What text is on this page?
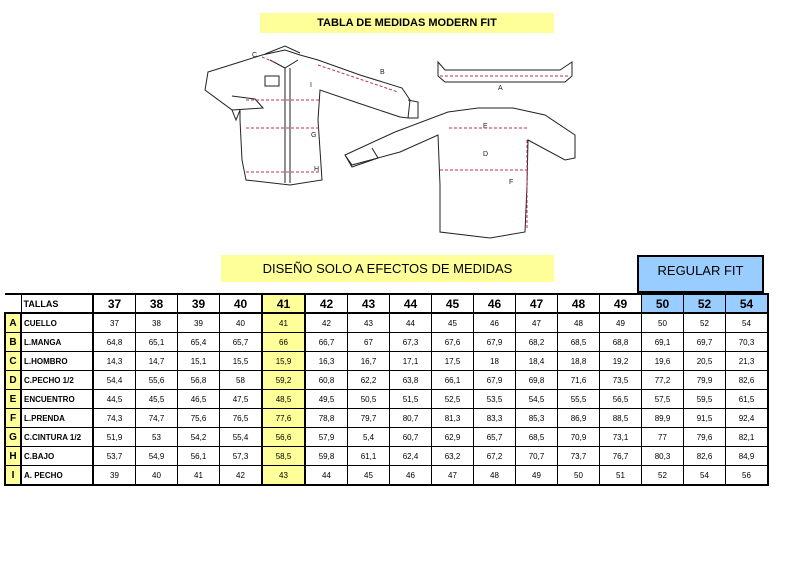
TABLA DE MEDIDAS MODERN FIT
C
B
I
G
H
A
E
D
F
DISEÑO SOLO A EFECTOS DE MEDIDAS	REGULAR FIT
	TALLAS	37	38	39	40	41	42	43	44	45	46	47	48	49	50	52	54
A	CUELLO	37	38	39	40	41	42	43	44	45	46	47	48	49	50	52	54
B	L.MANGA	64,8	65,1	65,4	65,7	66	66,7	67	67,3	67,6	67,9	68,2	68,5	68,8	69,1	69,7	70,3
C	L.HOMBRO	14,3	14,7	15,1	15,5	15,9	16,3	16,7	17,1	17,5	18	18,4	18,8	19,2	19,6	20,5	21,3
D	C.PECHO 1/2	54,4	55,6	56,8	58	59,2	60,8	62,2	63,8	66,1	67,9	69,8	71,6	73,5	77,2	79,9	82,6
E	ENCUENTRO	44,5	45,5	46,5	47,5	48,5	49,5	50,5	51,5	52,5	53,5	54,5	55,5	56,5	57,5	59,5	61,5
F	L.PRENDA	74,3	74,7	75,6	76,5	77,6	78,8	79,7	80,7	81,3	83,3	85,3	86,9	88,5	89,9	91,5	92,4
G	C.CINTURA 1/2	51,9	53	54,2	55,4	56,6	57,9	5,4	60,7	62,9	65,7	68,5	70,9	73,1	77	79,6	82,1
H	C.BAJO	53,7	54,9	56,1	57,3	58,5	59,8	61,1	62,4	63,2	67,2	70,7	73,7	76,7	80,3	82,6	84,9
I	A. PECHO	39	40	41	42	43	44	45	46	47	48	49	50	51	52	54	56
